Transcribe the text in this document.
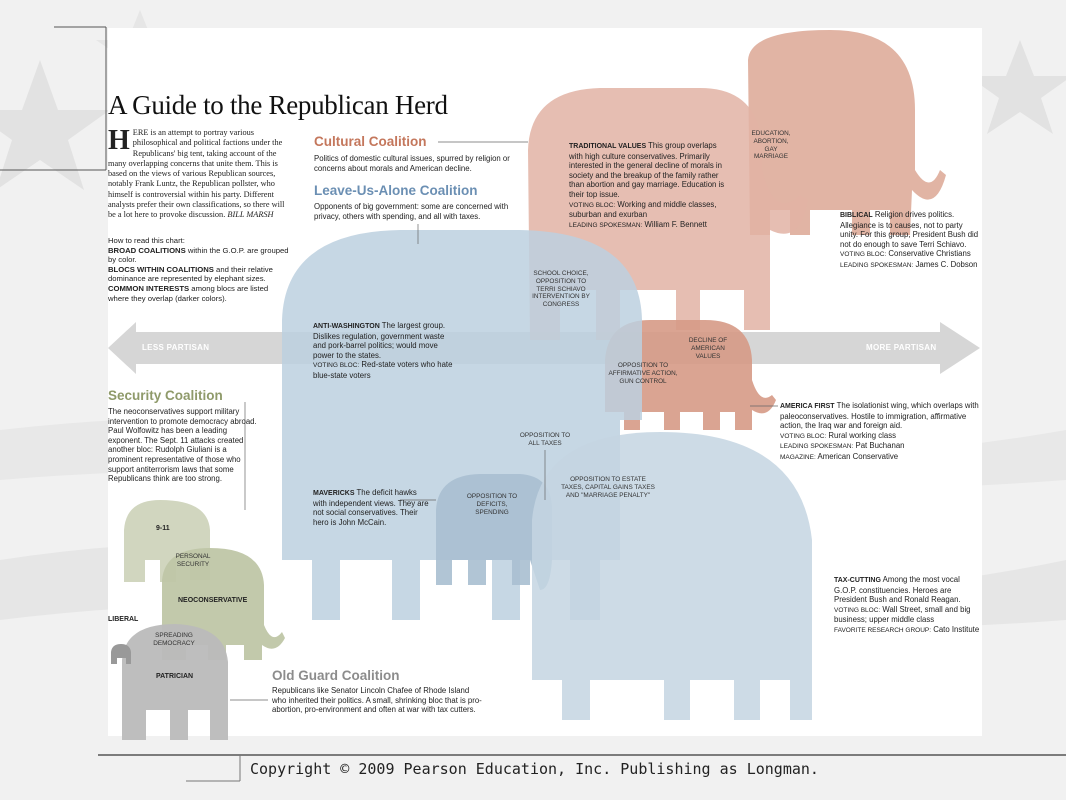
A Guide to the Republican Herd
HERE is an attempt to portray various philosophical and political factions under the Republicans' big tent, taking account of the many overlapping concerns that unite them. This is based on the views of various Republican sources, notably Frank Luntz, the Republican pollster, who himself is controversial within his party. Different analysts prefer their own classifications, so there will be a lot here to provoke discussion. BILL MARSH
How to read this chart:
BROAD COALITIONS within the G.O.P. are grouped by color.
BLOCS WITHIN COALITIONS and their relative dominance are represented by elephant sizes.
COMMON INTERESTS among blocs are listed where they overlap (darker colors).
LESS PARTISAN	MORE PARTISAN
Cultural Coalition
Politics of domestic cultural issues, spurred by religion or concerns about morals and American decline.
Leave-Us-Alone Coalition
Opponents of big government: some are concerned with privacy, others with spending, and all with taxes.
Security Coalition
The neoconservatives support military intervention to promote democracy abroad. Paul Wolfowitz has been a leading exponent. The Sept. 11 attacks created another bloc: Rudolph Giuliani is a prominent representative of those who support antiterrorism laws that some Republicans think are too strong.
Old Guard Coalition
Republicans like Senator Lincoln Chafee of Rhode Island who inherited their politics. A small, shrinking bloc that is pro-abortion, pro-environment and often at war with tax cutters.
TRADITIONAL VALUES This group overlaps with high culture conservatives. Primarily interested in the general decline of morals in society and the breakup of the family rather than abortion and gay marriage. Education is their top issue.
VOTING BLOC: Working and middle classes, suburban and exurban
LEADING SPOKESMAN: William F. Bennett
BIBLICAL Religion drives politics. Allegiance is to causes, not to party unity. For this group, President Bush did not do enough to save Terri Schiavo.
VOTING BLOC: Conservative Christians
LEADING SPOKESMAN: James C. Dobson
ANTI-WASHINGTON The largest group. Dislikes regulation, government waste and pork-barrel politics; would move power to the states.
VOTING BLOC: Red-state voters who hate blue-state voters
AMERICA FIRST The isolationist wing, which overlaps with paleoconservatives. Hostile to immigration, affirmative action, the Iraq war and foreign aid.
VOTING BLOC: Rural working class
LEADING SPOKESMAN: Pat Buchanan
MAGAZINE: American Conservative
MAVERICKS The deficit hawks with independent views. They are not social conservatives. Their hero is John McCain.
TAX-CUTTING Among the most vocal G.O.P. constituencies. Heroes are President Bush and Ronald Reagan.
VOTING BLOC: Wall Street, small and big business; upper middle class
FAVORITE RESEARCH GROUP: Cato Institute
EDUCATION, ABORTION, GAY MARRIAGE
SCHOOL CHOICE, OPPOSITION TO TERRI SCHIAVO INTERVENTION BY CONGRESS
DECLINE OF AMERICAN VALUES
OPPOSITION TO AFFIRMATIVE ACTION, GUN CONTROL
OPPOSITION TO ALL TAXES
OPPOSITION TO DEFICITS, SPENDING
OPPOSITION TO ESTATE TAXES, CAPITAL GAINS TAXES AND "MARRIAGE PENALTY"
9-11
PERSONAL SECURITY
NEOCONSERVATIVE
SPREADING DEMOCRACY
LIBERAL
PATRICIAN
Copyright © 2009 Pearson Education, Inc. Publishing as Longman.
